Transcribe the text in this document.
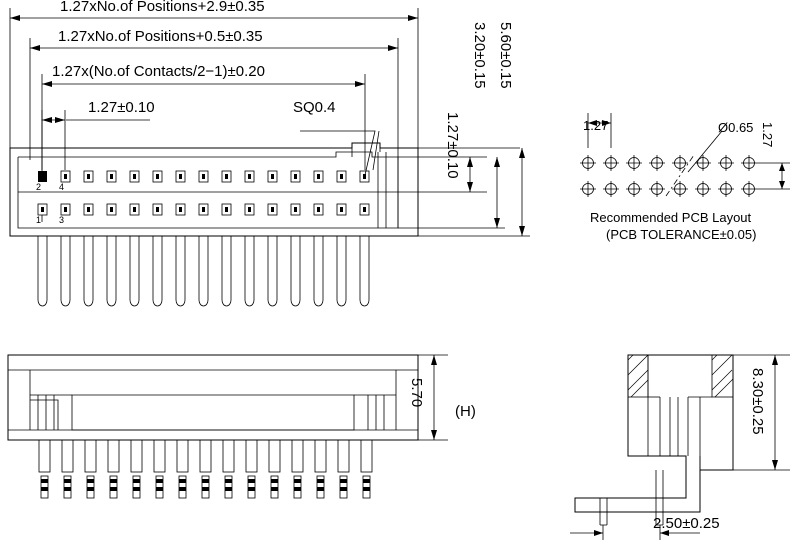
1.27xNo.of Positions+2.9±0.35
1.27xNo.of Positions+0.5±0.35
1.27x(No.of Contacts/2−1)±0.20
1.27±0.10	SQ0.4
2
1
4
3
1.27±0.10
3.20±0.15 5.60±0.15
1.27	Ø0.65 1.27
Recommended PCB Layout
(PCB TOLERANCE±0.05)
5.70
(H)	8.30±0.25
2.50±0.25
